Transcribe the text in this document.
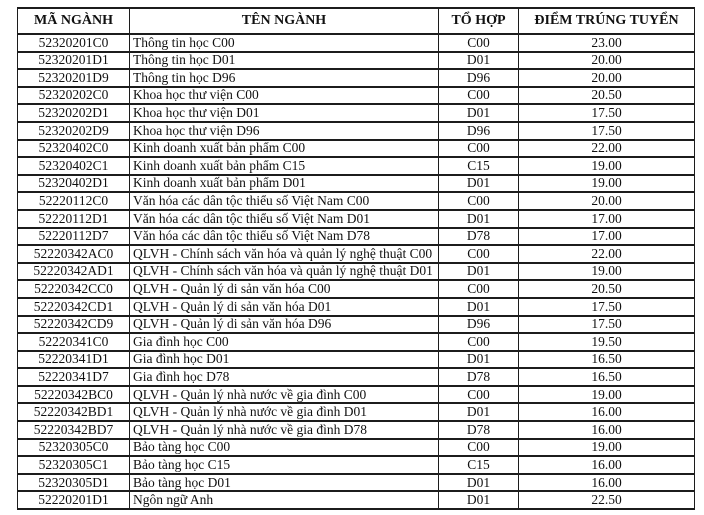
MÃ NGÀNH	TÊN NGÀNH	TỔ HỢP	ĐIỂM TRÚNG TUYỂN
52320201C0	Thông tin học C00	C00	23.00
52320201D1	Thông tin học D01	D01	20.00
52320201D9	Thông tin học D96	D96	20.00
52320202C0	Khoa học thư viện C00	C00	20.50
52320202D1	Khoa học thư viện D01	D01	17.50
52320202D9	Khoa học thư viện D96	D96	17.50
52320402C0	Kinh doanh xuất bản phẩm C00	C00	22.00
52320402C1	Kinh doanh xuất bản phẩm C15	C15	19.00
52320402D1	Kinh doanh xuất bản phẩm D01	D01	19.00
52220112C0	Văn hóa các dân tộc thiểu số Việt Nam C00	C00	20.00
52220112D1	Văn hóa các dân tộc thiểu số Việt Nam D01	D01	17.00
52220112D7	Văn hóa các dân tộc thiểu số Việt Nam D78	D78	17.00
52220342AC0	QLVH - Chính sách văn hóa và quản lý nghệ thuật C00	C00	22.00
52220342AD1	QLVH - Chính sách văn hóa và quản lý nghệ thuật D01	D01	19.00
52220342CC0	QLVH - Quản lý di sản văn hóa C00	C00	20.50
52220342CD1	QLVH - Quản lý di sản văn hóa D01	D01	17.50
52220342CD9	QLVH - Quản lý di sản văn hóa D96	D96	17.50
52220341C0	Gia đình học C00	C00	19.50
52220341D1	Gia đình học D01	D01	16.50
52220341D7	Gia đình học D78	D78	16.50
52220342BC0	QLVH - Quản lý nhà nước về gia đình C00	C00	19.00
52220342BD1	QLVH - Quản lý nhà nước về gia đình D01	D01	16.00
52220342BD7	QLVH - Quản lý nhà nước về gia đình D78	D78	16.00
52320305C0	Bảo tàng học C00	C00	19.00
52320305C1	Bảo tàng học C15	C15	16.00
52320305D1	Bảo tàng học D01	D01	16.00
52220201D1	Ngôn ngữ Anh	D01	22.50
